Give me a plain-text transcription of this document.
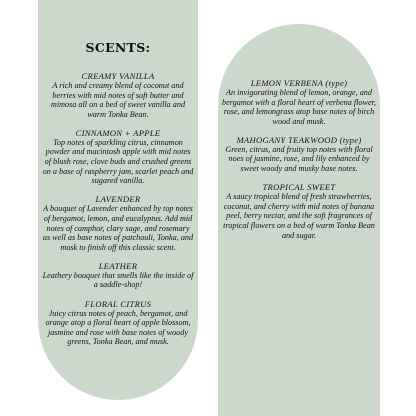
SCENTS:
CREAMY VANILLA
A rich and creamy blend of coconut and berries with mid notes of soft butter and mimosa all on a bed of sweet vanilla and warm Tonka Bean.
CINNAMON + APPLE
Top notes of sparkling citrus, cinnamon powder and macintosh apple with mid notes of blush rose, clove buds and crushed greens on a base of raspberry jam, scarlet peach and sugared vanilla.
LAVENDER
A bouquet of Lavender enhanced by top notes of bergamot, lemon, and eucalyptus. Add mid notes of camphor, clary sage, and rosemary as well as base notes of patchouli, Tonka, and musk to finish off this classic scent.
LEATHER
Leathery bouquet that smells like the inside of a saddle-shop!
FLORAL CITRUS
Juicy citrus notes of peach, bergamot, and orange atop a floral heart of apple blossom, jasmine and rose with base notes of woody greens, Tonka Bean, and musk.
LEMON VERBENA (type)
An invigorating blend of lemon, orange, and bergamot with a floral heart of verbena flower, rose, and lemongrass atop base notes of birch wood and musk.
MAHOGANY TEAKWOOD (type)
Green, citrus, and fruity top notes with floral noes of jasmine, rose, and lily enhanced by sweet woody and musky base notes.
TROPICAL SWEET
A saucy tropical blend of fresh strawberries, coconut, and cherry with mid notes of banana peel, berry nectar, and the soft fragrances of tropical flowers on a bed of warm Tonka Bean and sugar.
